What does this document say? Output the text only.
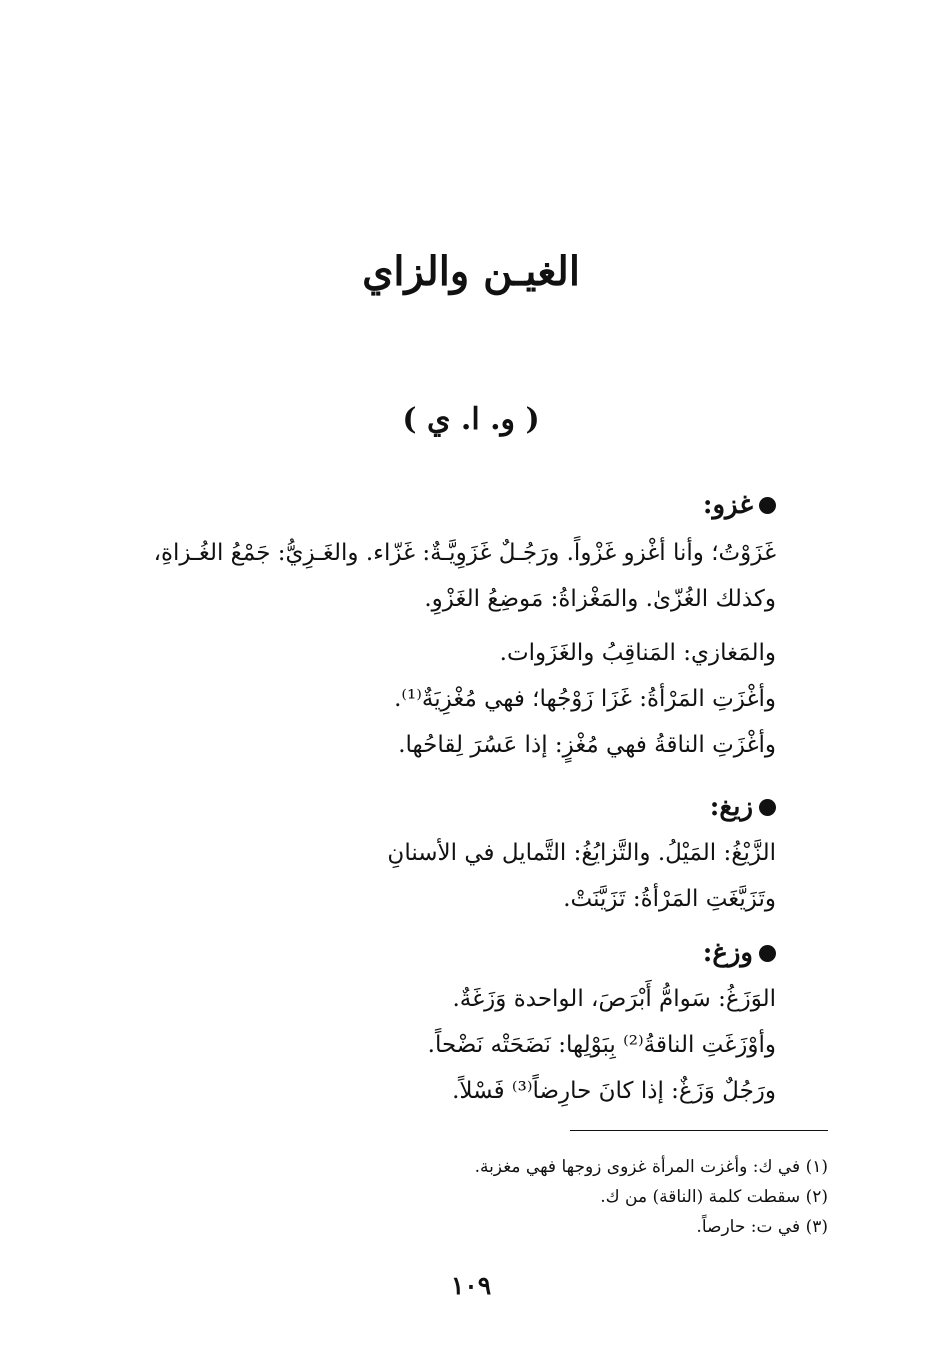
الغيـن والزاي
( و. ا. ي )
غزو:
غَزَوْتُ؛ وأنا أغْزو غَزْواً. ورَجُـلٌ غَزَوِيَّـةٌ: غَزّاء. والغَـزِيُّ: جَمْعُ الغُـزاةِ،
وكذلك الغُزّىٰ. والمَغْزاةُ: مَوضِعُ الغَزْوِ.
والمَغازي: المَناقِبُ والغَزَوات.
وأغْزَتِ المَرْأةُ: غَزَا زَوْجُها؛ فهي مُغْزِيَةٌ⁽¹⁾.
وأغْزَتِ الناقةُ فهي مُغْزٍ: إذا عَسُرَ لِقاحُها.
زيغ:
الزَّيْغُ: المَيْلُ. والتَّزايُغُ: التَّمايل في الأسنانِ
وتَزَيَّغَتِ المَرْأةُ: تَزَيَّنَتْ.
وزغ:
الوَزَغُ: سَوامُّ أَبْرَصَ، الواحدة وَزَغَةٌ.
وأوْزَغَتِ الناقةُ⁽²⁾ بِبَوْلِها: نَضَحَتْه نَضْحاً.
ورَجُلٌ وَزَغٌ: إذا كانَ حارِضاً⁽³⁾ فَسْلاً.
(١) في ك: وأغزت المرأة غزوى زوجها فهي مغزبة.
(٢) سقطت كلمة (الناقة) من ك.
(٣) في ت: حارصاً.
١٠٩
